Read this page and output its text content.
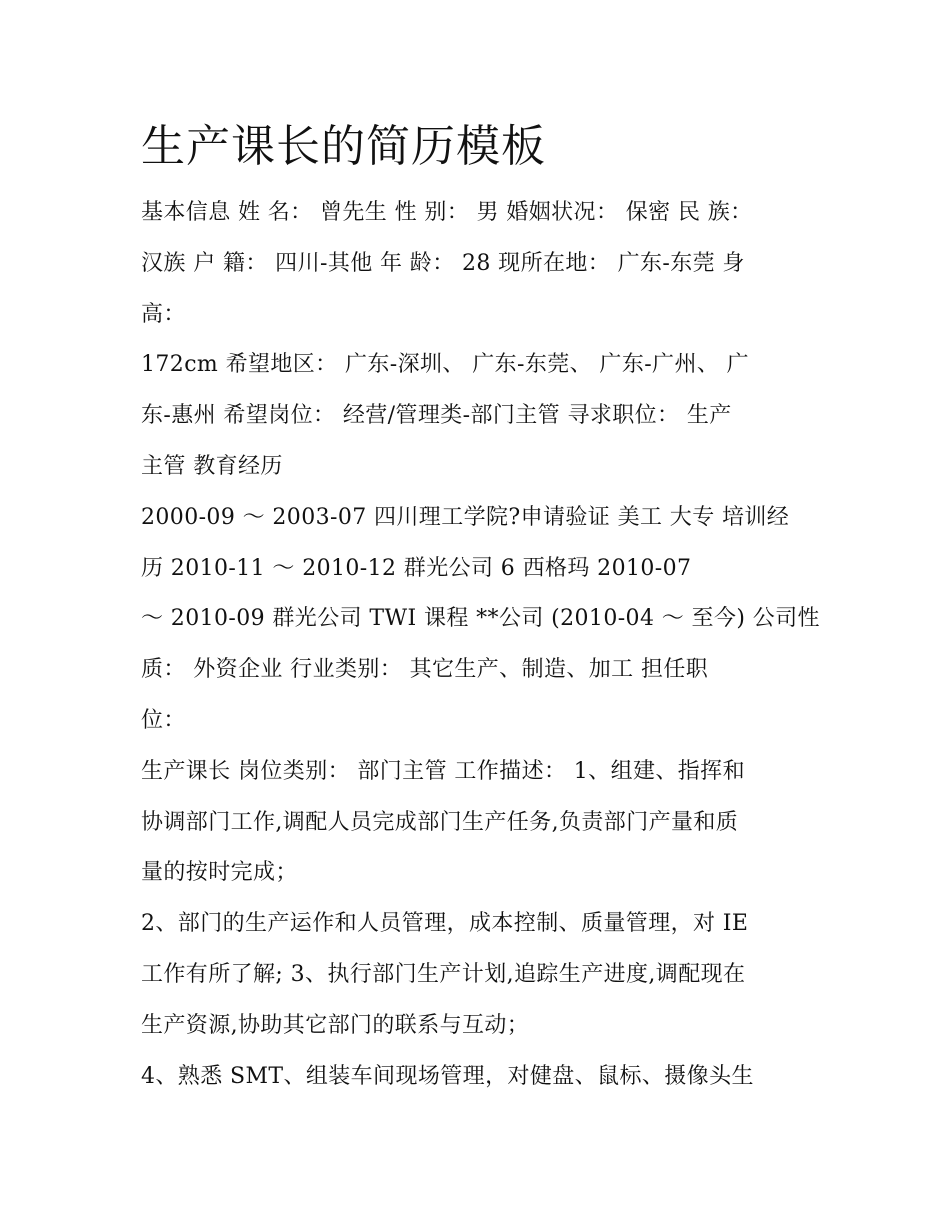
生产课长的简历模板
基本信息 姓 名： 曾先生 性 别： 男 婚姻状况： 保密 民 族：
汉族 户 籍： 四川-其他 年 龄： 28 现所在地： 广东-东莞 身
高：
172cm 希望地区： 广东-深圳、 广东-东莞、 广东-广州、 广
东-惠州 希望岗位： 经营/管理类-部门主管 寻求职位： 生产
主管 教育经历
2000-09 ～ 2003-07 四川理工学院?申请验证 美工 大专 培训经
历 2010-11 ～ 2010-12 群光公司 6 西格玛 2010-07
～ 2010-09 群光公司 TWI 课程 **公司 (2010-04 ～ 至今) 公司性
质： 外资企业 行业类别： 其它生产、制造、加工 担任职
位：
生产课长 岗位类别： 部门主管 工作描述： 1、组建、指挥和
协调部门工作,调配人员完成部门生产任务,负责部门产量和质
量的按时完成；
2、部门的生产运作和人员管理，成本控制、质量管理，对 IE
工作有所了解; 3、执行部门生产计划,追踪生产进度,调配现在
生产资源,协助其它部门的联系与互动；
4、熟悉 SMT、组装车间现场管理，对健盘、鼠标、摄像头生
